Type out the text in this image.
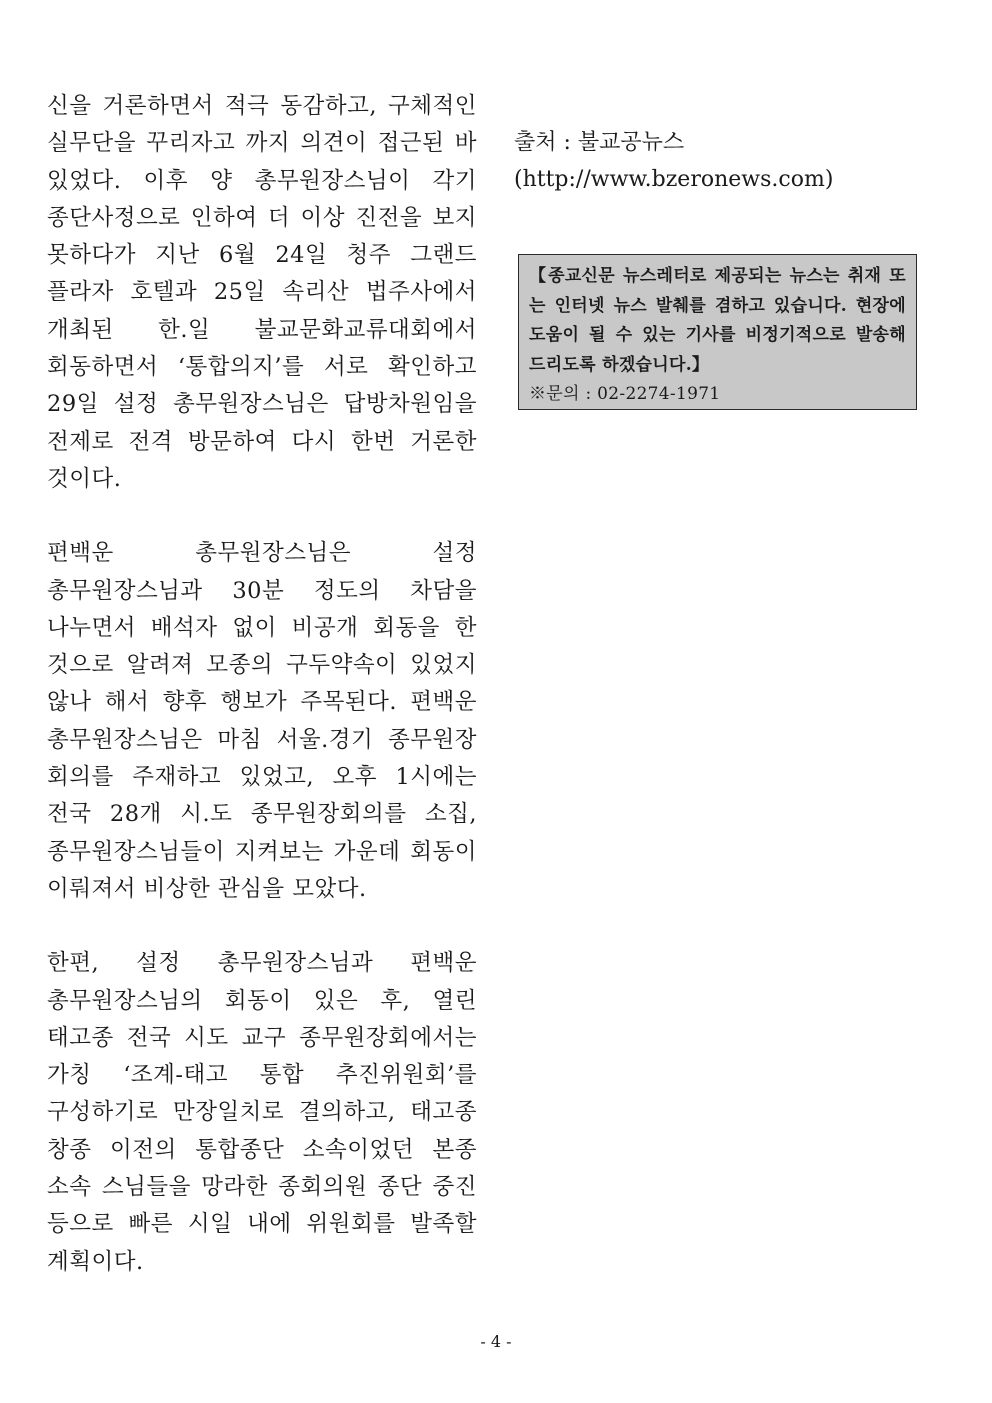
신을 거론하면서 적극 동감하고, 구체적인 실무단을 꾸리자고 까지 의견이 접근된 바 있었다. 이후 양 총무원장스님이 각기 종단사정으로 인하여 더 이상 진전을 보지 못하다가 지난 6월 24일 청주 그랜드 플라자 호텔과 25일 속리산 법주사에서 개최된 한.일 불교문화교류대회에서 회동하면서 ‘통합의지’를 서로 확인하고 29일 설정 총무원장스님은 답방차원임을 전제로 전격 방문하여 다시 한번 거론한 것이다.

편백운 총무원장스님은 설정 총무원장스님과 30분 정도의 차담을 나누면서 배석자 없이 비공개 회동을 한 것으로 알려져 모종의 구두약속이 있었지 않나 해서 향후 행보가 주목된다. 편백운 총무원장스님은 마침 서울.경기 종무원장 회의를 주재하고 있었고, 오후 1시에는 전국 28개 시.도 종무원장회의를 소집, 종무원장스님들이 지켜보는 가운데 회동이 이뤄져서 비상한 관심을 모았다.

한편, 설정 총무원장스님과 편백운 총무원장스님의 회동이 있은 후, 열린 태고종 전국 시도 교구 종무원장회에서는 가칭 ‘조계-태고 통합 추진위원회’를 구성하기로 만장일치로 결의하고, 태고종 창종 이전의 통합종단 소속이었던 본종 소속 스님들을 망라한 종회의원 종단 중진 등으로 빠른 시일 내에 위원회를 발족할 계획이다.

출처 : 불교공뉴스
(http://www.bzeronews.com)
【종교신문 뉴스레터로 제공되는 뉴스는 취재 또는 인터넷 뉴스 발췌를 겸하고 있습니다. 현장에 도움이 될 수 있는 기사를 비정기적으로 발송해 드리도록 하겠습니다.】
※문의 : 02-2274-1971
- 4 -
